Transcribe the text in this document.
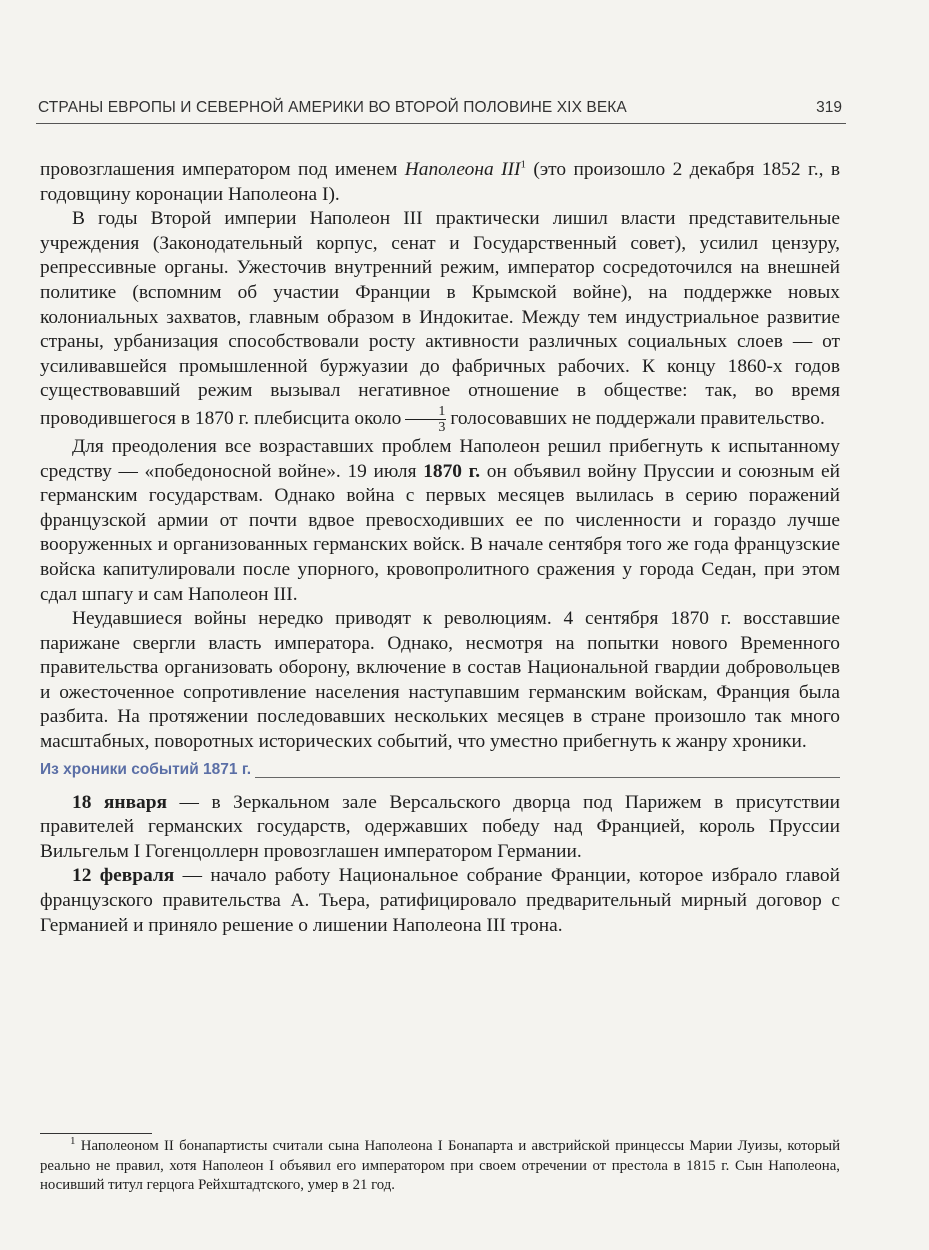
СТРАНЫ ЕВРОПЫ И СЕВЕРНОЙ АМЕРИКИ ВО ВТОРОЙ ПОЛОВИНЕ XIX ВЕКА	319

провозглашения императором под именем Наполеона III$^1$ (это произошло 2 декабря 1852 г., в годовщину коронации Наполеона I).

В годы Второй империи Наполеон III практически лишил власти представительные учреждения (Законодательный корпус, сенат и Государственный совет), усилил цензуру, репрессивные органы. Ужесточив внутренний режим, император сосредоточился на внешней политике (вспомним об участии Франции в Крымской войне), на поддержке новых колониальных захватов, главным образом в Индокитае. Между тем индустриальное развитие страны, урбанизация способствовали росту активности различных социальных слоев — от усиливавшейся промышленной буржуазии до фабричных рабочих. К концу 1860-х годов существовавший режим вызывал негативное отношение в обществе: так, во время проводившегося в 1870 г. плебисцита около $\frac{1}{3}$ голосовавших не поддержали правительство.

Для преодоления все возраставших проблем Наполеон решил прибегнуть к испытанному средству — «победоносной войне». 19 июля 1870 г. он объявил войну Пруссии и союзным ей германским государствам. Однако война с первых месяцев вылилась в серию поражений французской армии от почти вдвое превосходивших ее по численности и гораздо лучше вооруженных и организованных германских войск. В начале сентября того же года французские войска капитулировали после упорного, кровопролитного сражения у города Седан, при этом сдал шпагу и сам Наполеон III.

Неудавшиеся войны нередко приводят к революциям. 4 сентября 1870 г. восставшие парижане свергли власть императора. Однако, несмотря на попытки нового Временного правительства организовать оборону, включение в состав Национальной гвардии добровольцев и ожесточенное сопротивление населения наступавшим германским войскам, Франция была разбита. На протяжении последовавших нескольких месяцев в стране произошло так много масштабных, поворотных исторических событий, что уместно прибегнуть к жанру хроники.

Из хроники событий 1871 г.

18 января — в Зеркальном зале Версальского дворца под Парижем в присутствии правителей германских государств, одержавших победу над Францией, король Пруссии Вильгельм I Гогенцоллерн провозглашен императором Германии.

12 февраля — начало работу Национальное собрание Франции, которое избрало главой французского правительства А. Тьера, ратифицировало предварительный мирный договор с Германией и приняло решение о лишении Наполеона III трона.

$^1$ Наполеоном II бонапартисты считали сына Наполеона I Бонапарта и австрийской принцессы Марии Луизы, который реально не правил, хотя Наполеон I объявил его императором при своем отречении от престола в 1815 г. Сын Наполеона, носивший титул герцога Рейхштадтского, умер в 21 год.
